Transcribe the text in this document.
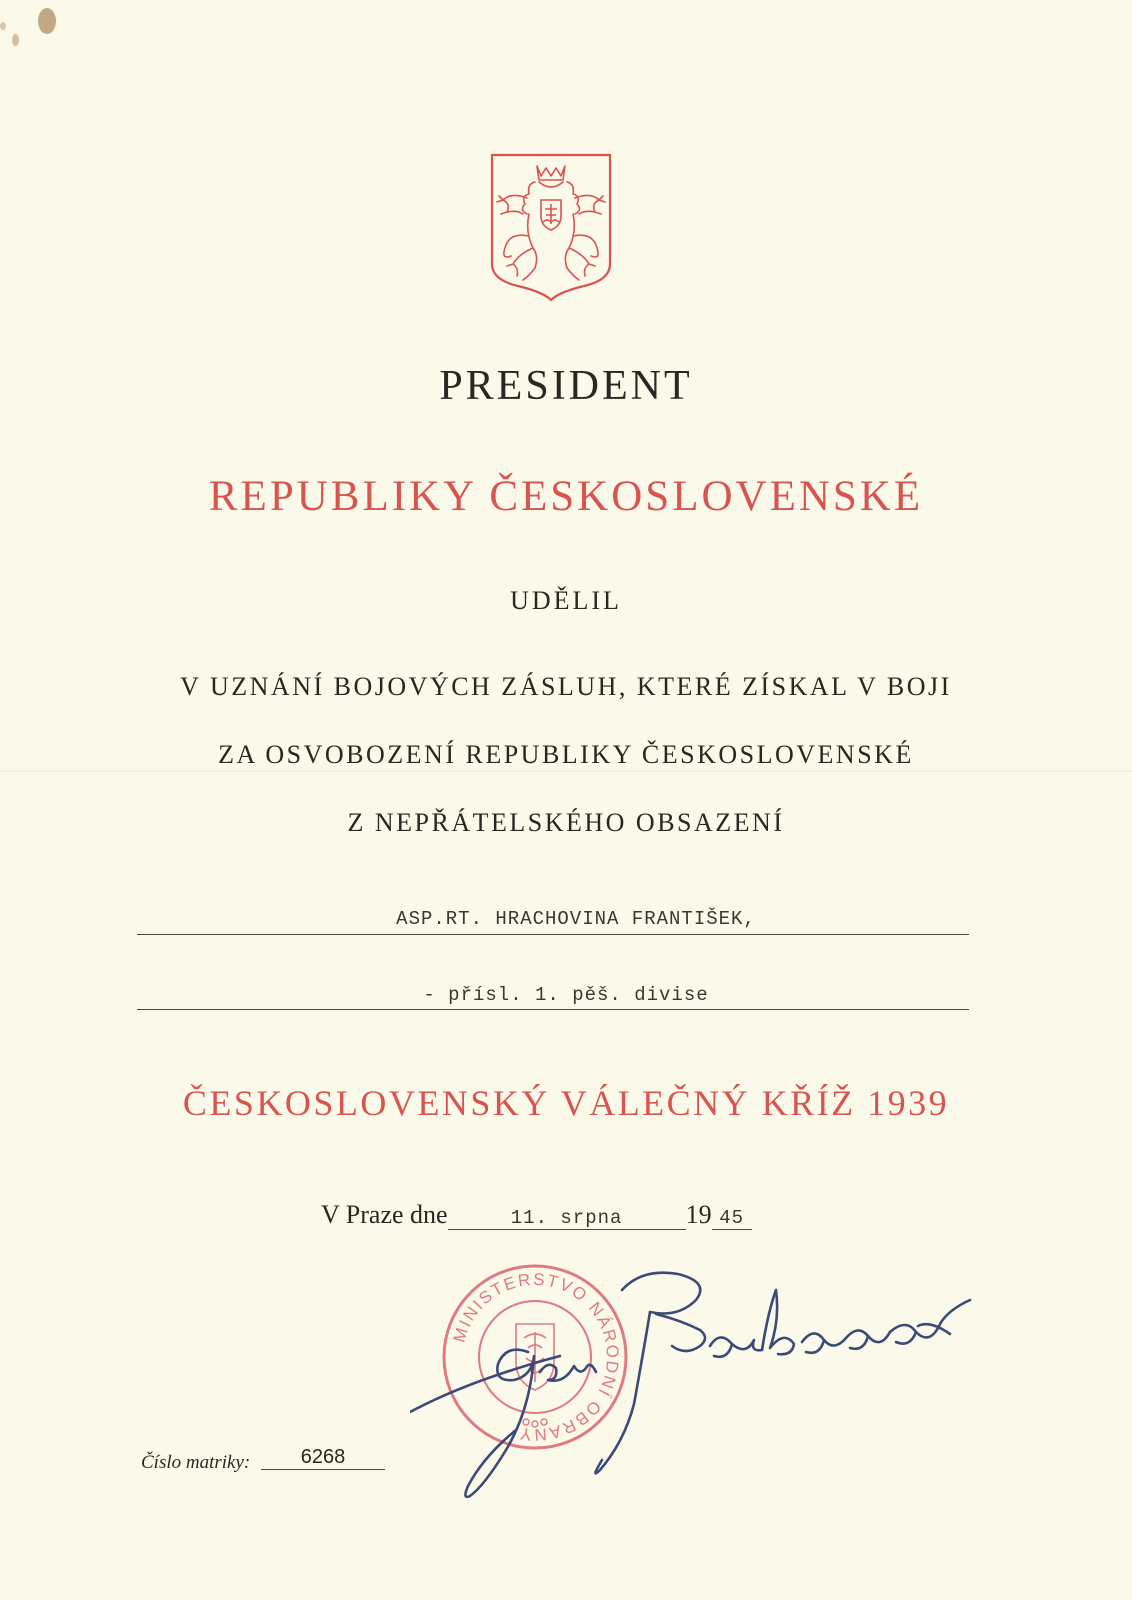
PRESIDENT
REPUBLIKY ČESKOSLOVENSKÉ
UDĚLIL
V UZNÁNÍ BOJOVÝCH ZÁSLUH, KTERÉ ZÍSKAL V BOJI
ZA OSVOBOZENÍ REPUBLIKY ČESKOSLOVENSKÉ
Z NEPŘÁTELSKÉHO OBSAZENÍ
ASP.RT. HRACHOVINA FRANTIŠEK,
- přísl. 1. pěš. divise
ČESKOSLOVENSKÝ VÁLEČNÝ KŘÍŽ 1939
V Praze dne	11. srpna 19 45
MINISTERSTVO NÁRODNÍ OBRANY
Číslo matriky:	6268
